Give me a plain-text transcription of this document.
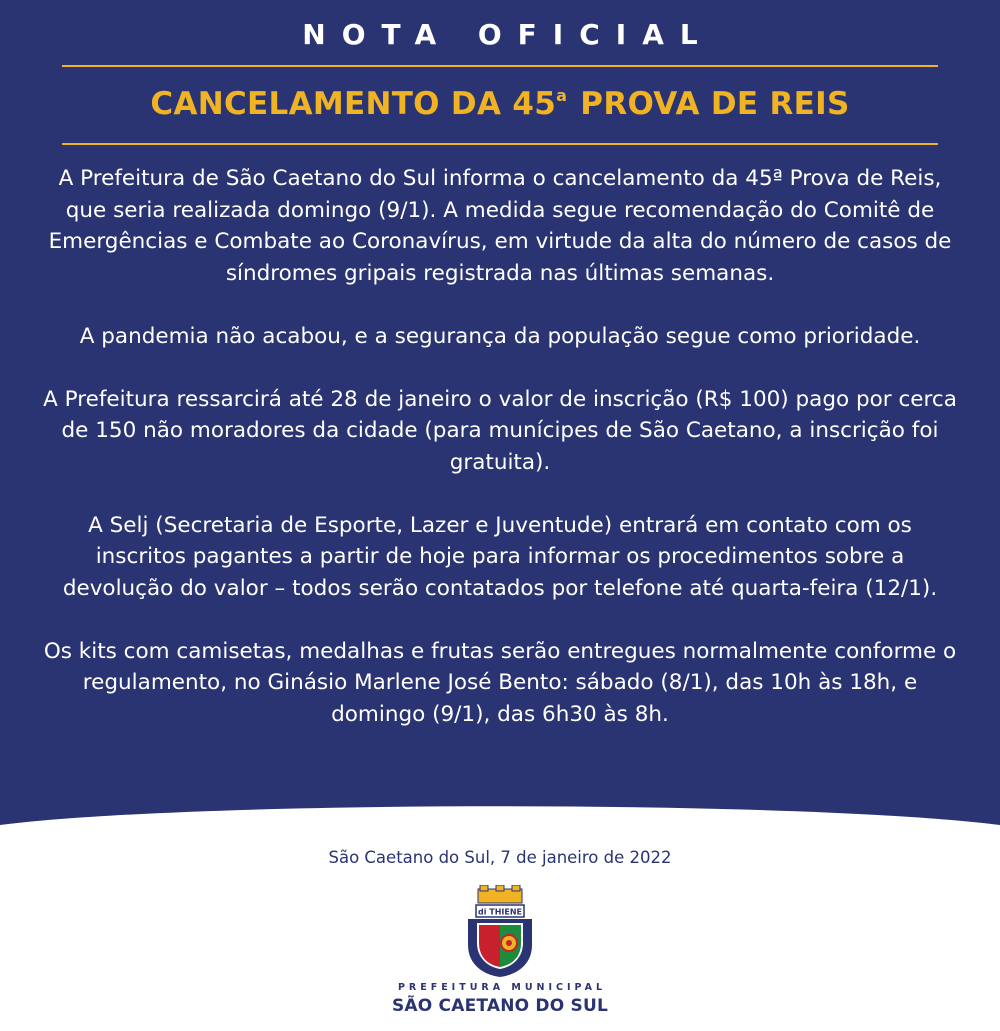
NOTA OFICIAL
CANCELAMENTO DA 45$^a$ PROVA DE REIS

A Prefeitura de São Caetano do Sul informa o cancelamento da 45ª Prova de Reis, que seria realizada domingo (9/1). A medida segue recomendação do Comitê de Emergências e Combate ao Coronavírus, em virtude da alta do número de casos de síndromes gripais registrada nas últimas semanas.

A pandemia não acabou, e a segurança da população segue como prioridade.

A Prefeitura ressarcirá até 28 de janeiro o valor de inscrição (R$ 100) pago por cerca de 150 não moradores da cidade (para munícipes de São Caetano, a inscrição foi gratuita).

A Selj (Secretaria de Esporte, Lazer e Juventude) entrará em contato com os inscritos pagantes a partir de hoje para informar os procedimentos sobre a devolução do valor – todos serão contatados por telefone até quarta-feira (12/1).

Os kits com camisetas, medalhas e frutas serão entregues normalmente conforme o regulamento, no Ginásio Marlene José Bento: sábado (8/1), das 10h às 18h, e domingo (9/1), das 6h30 às 8h.

São Caetano do Sul, 7 de janeiro de 2022
di THIENE
PREFEITURA MUNICIPAL
SÃO CAETANO DO SUL
